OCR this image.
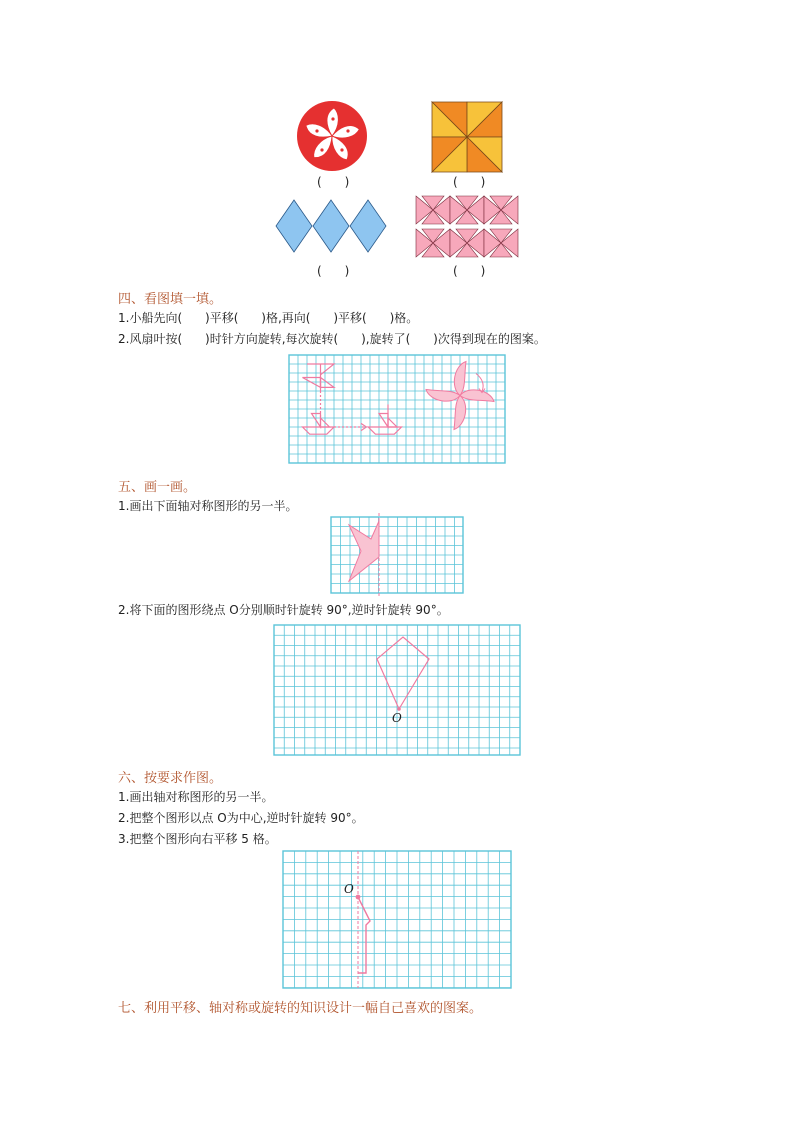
(      )	(      )
(      )	(      )
四、看图填一填。
1.小船先向(      )平移(      )格,再向(      )平移(      )格。
2.风扇叶按(      )时针方向旋转,每次旋转(      ),旋转了(      )次得到现在的图案。
五、画一画。
1.画出下面轴对称图形的另一半。
2.将下面的图形绕点 O分别顺时针旋转 90°,逆时针旋转 90°。
O
六、按要求作图。
1.画出轴对称图形的另一半。
2.把整个图形以点 O为中心,逆时针旋转 90°。
3.把整个图形向右平移 5 格。
O
七、利用平移、轴对称或旋转的知识设计一幅自己喜欢的图案。
